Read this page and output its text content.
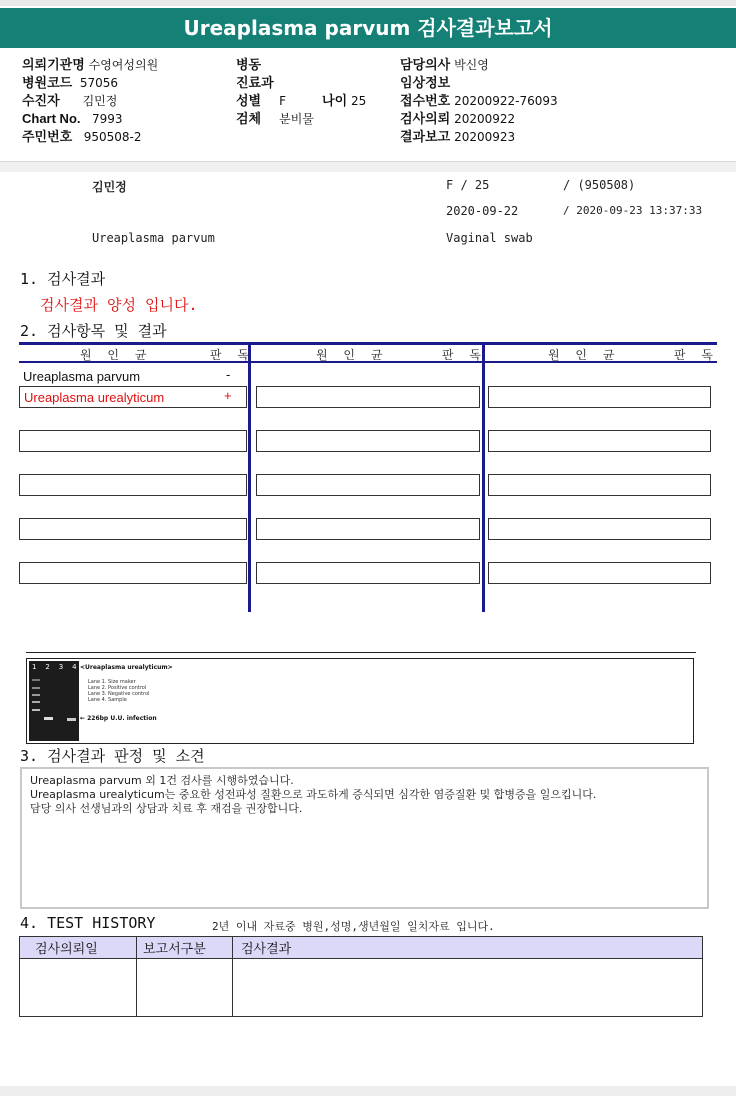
Ureaplasma parvum 검사결과보고서
의뢰기관명 수영여성의원
병원코드 57056
수진자 김민정
Chart No. 7993
주민번호 950508-2
병동
진료과
성별 F	나이 25
검체 분비물
담당의사 박신영
임상정보
접수번호 20200922-76093
검사의뢰 20200922
결과보고 20200923
김민정	F / 25	/ (950508)
2020-09-22	/ 2020-09-23 13:37:33
Ureaplasma parvum	Vaginal swab
1. 검사결과
검사결과 양성 입니다.
2. 검사항목 및 결과
원 인 균	판 독	원 인 균	판 독	원 인 균	판 독
Ureaplasma parvum	-
Ureaplasma urealyticum	+
1 2 3 4 <Ureaplasma urealyticum>
Lane 1. Size maker
Lane 2. Positive control
Lane 3. Negative control
Lane 4. Sample
← 226bp U.U. infection
3. 검사결과 판정 및 소견
Ureaplasma parvum 외 1건 검사를 시행하였습니다.
Ureaplasma urealyticum는 중요한 성전파성 질환으로 과도하게 증식되면 심각한 염증질환 및 합병증을 일으킵니다.
담당 의사 선생님과의 상담과 치료 후 재검을 권장합니다.
4. TEST HISTORY	2년 이내 자료중 병원,성명,생년월일 일치자료 입니다.
검사의뢰일	보고서구분	검사결과
